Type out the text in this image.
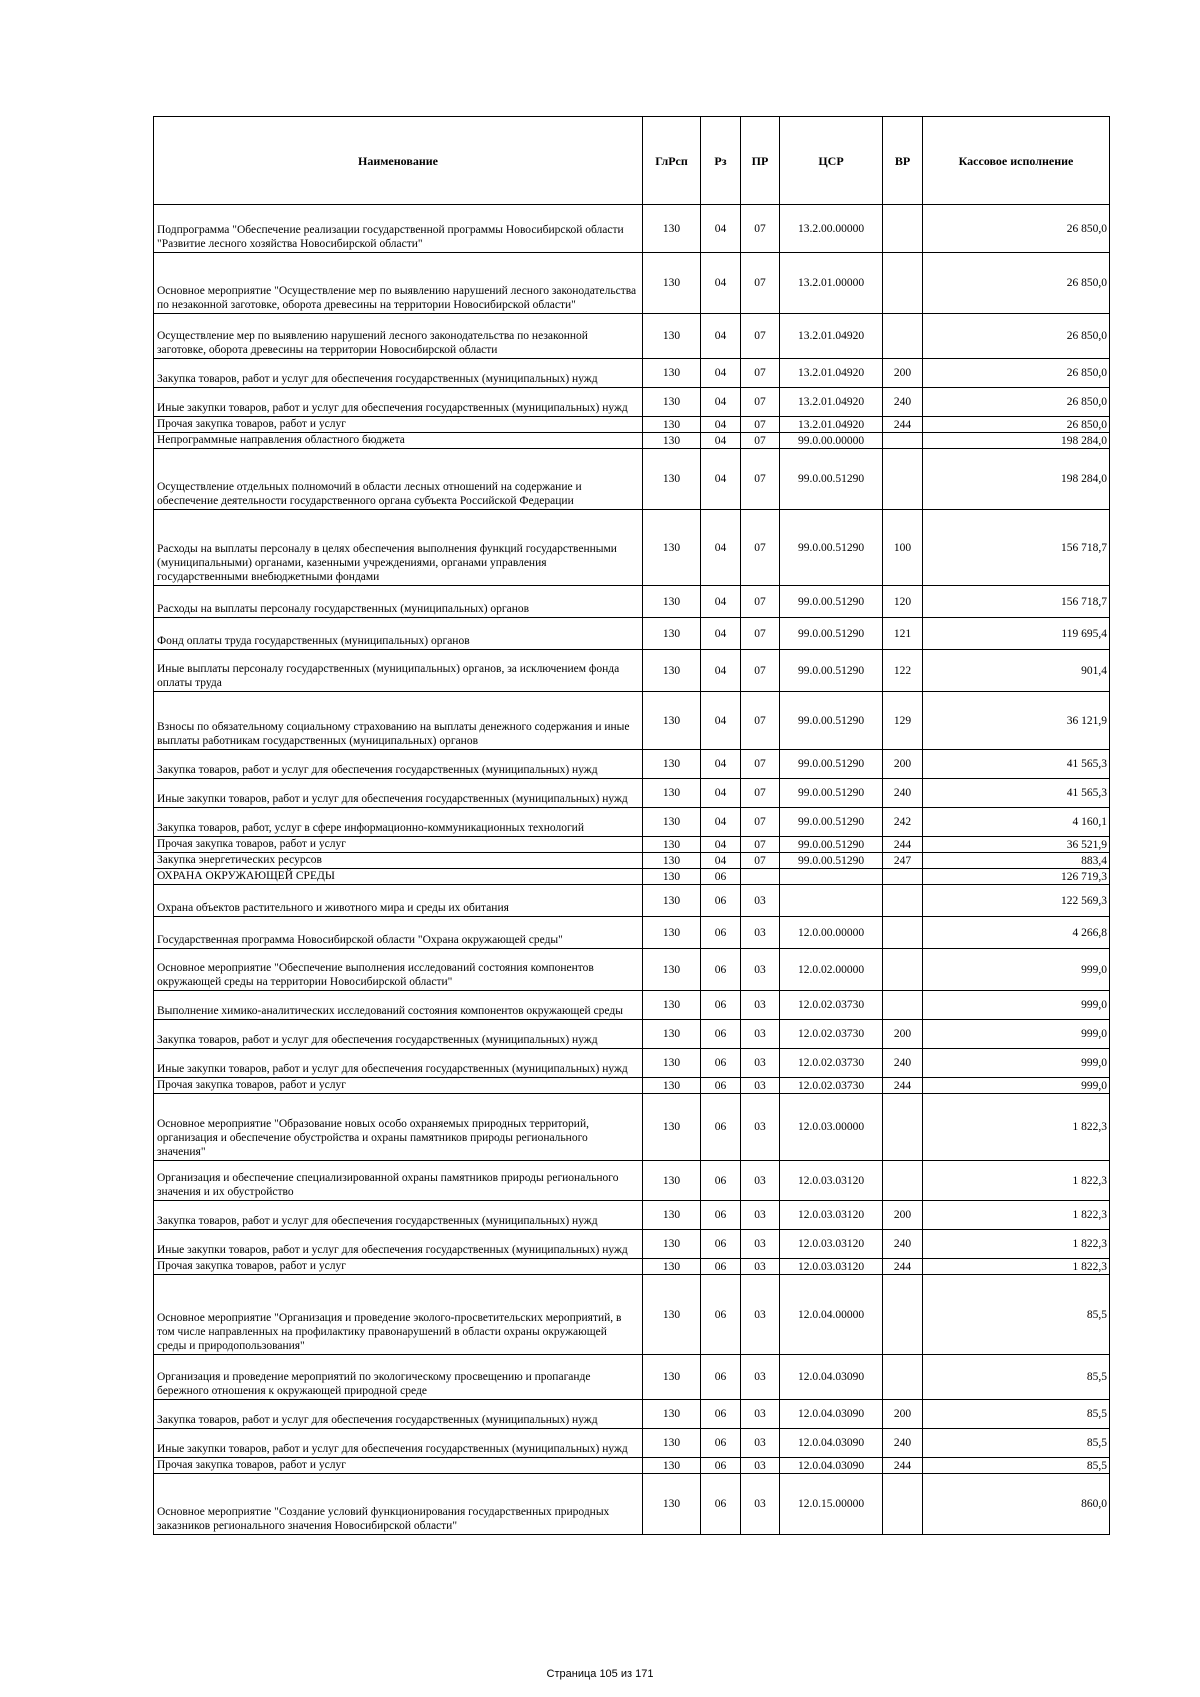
Наименование	ГлРсп	Рз	ПР	ЦСР	ВР	Кассовое исполнение
Подпрограмма "Обеспечение реализации государственной программы Новосибирской области "Развитие лесного хозяйства Новосибирской области"	130	04	07	13.2.00.00000		26 850,0
Основное мероприятие "Осуществление мер по выявлению нарушений лесного законодательства по незаконной заготовке, оборота древесины на территории Новосибирской области"	130	04	07	13.2.01.00000		26 850,0
Осуществление мер по выявлению нарушений лесного законодательства по незаконной заготовке, оборота древесины на территории Новосибирской области	130	04	07	13.2.01.04920		26 850,0
Закупка товаров, работ и услуг для обеспечения государственных (муниципальных) нужд	130	04	07	13.2.01.04920	200	26 850,0
Иные закупки товаров, работ и услуг для обеспечения государственных (муниципальных) нужд	130	04	07	13.2.01.04920	240	26 850,0
Прочая закупка товаров, работ и услуг	130	04	07	13.2.01.04920	244	26 850,0
Непрограммные направления областного бюджета	130	04	07	99.0.00.00000		198 284,0
Осуществление отдельных полномочий в области лесных отношений на содержание и обеспечение деятельности государственного органа субъекта Российской Федерации	130	04	07	99.0.00.51290		198 284,0
Расходы на выплаты персоналу в целях обеспечения выполнения функций государственными (муниципальными) органами, казенными учреждениями, органами управления государственными внебюджетными фондами	130	04	07	99.0.00.51290	100	156 718,7
Расходы на выплаты персоналу государственных (муниципальных) органов	130	04	07	99.0.00.51290	120	156 718,7
Фонд оплаты труда государственных (муниципальных) органов	130	04	07	99.0.00.51290	121	119 695,4
Иные выплаты персоналу государственных (муниципальных) органов, за исключением фонда оплаты труда	130	04	07	99.0.00.51290	122	901,4
Взносы по обязательному социальному страхованию на выплаты денежного содержания и иные выплаты работникам государственных (муниципальных) органов	130	04	07	99.0.00.51290	129	36 121,9
Закупка товаров, работ и услуг для обеспечения государственных (муниципальных) нужд	130	04	07	99.0.00.51290	200	41 565,3
Иные закупки товаров, работ и услуг для обеспечения государственных (муниципальных) нужд	130	04	07	99.0.00.51290	240	41 565,3
Закупка товаров, работ, услуг в сфере информационно-коммуникационных технологий	130	04	07	99.0.00.51290	242	4 160,1
Прочая закупка товаров, работ и услуг	130	04	07	99.0.00.51290	244	36 521,9
Закупка энергетических ресурсов	130	04	07	99.0.00.51290	247	883,4
ОХРАНА ОКРУЖАЮЩЕЙ СРЕДЫ	130	06				126 719,3
Охрана объектов растительного и животного мира и среды их обитания	130	06	03			122 569,3
Государственная программа Новосибирской области "Охрана окружающей среды"	130	06	03	12.0.00.00000		4 266,8
Основное мероприятие "Обеспечение выполнения исследований состояния компонентов окружающей среды на территории Новосибирской области"	130	06	03	12.0.02.00000		999,0
Выполнение химико-аналитических исследований состояния компонентов окружающей среды	130	06	03	12.0.02.03730		999,0
Закупка товаров, работ и услуг для обеспечения государственных (муниципальных) нужд	130	06	03	12.0.02.03730	200	999,0
Иные закупки товаров, работ и услуг для обеспечения государственных (муниципальных) нужд	130	06	03	12.0.02.03730	240	999,0
Прочая закупка товаров, работ и услуг	130	06	03	12.0.02.03730	244	999,0
Основное мероприятие "Образование новых особо охраняемых природных территорий, организация и обеспечение обустройства и охраны памятников природы регионального значения"	130	06	03	12.0.03.00000		1 822,3
Организация и обеспечение специализированной охраны памятников природы регионального значения и их обустройство	130	06	03	12.0.03.03120		1 822,3
Закупка товаров, работ и услуг для обеспечения государственных (муниципальных) нужд	130	06	03	12.0.03.03120	200	1 822,3
Иные закупки товаров, работ и услуг для обеспечения государственных (муниципальных) нужд	130	06	03	12.0.03.03120	240	1 822,3
Прочая закупка товаров, работ и услуг	130	06	03	12.0.03.03120	244	1 822,3
Основное мероприятие "Организация и проведение эколого-просветительских мероприятий, в том числе направленных на профилактику правонарушений в области охраны окружающей среды и природопользования"	130	06	03	12.0.04.00000		85,5
Организация и проведение мероприятий по экологическому просвещению и пропаганде бережного отношения к окружающей природной среде	130	06	03	12.0.04.03090		85,5
Закупка товаров, работ и услуг для обеспечения государственных (муниципальных) нужд	130	06	03	12.0.04.03090	200	85,5
Иные закупки товаров, работ и услуг для обеспечения государственных (муниципальных) нужд	130	06	03	12.0.04.03090	240	85,5
Прочая закупка товаров, работ и услуг	130	06	03	12.0.04.03090	244	85,5
Основное мероприятие "Создание условий функционирования государственных природных заказников регионального значения Новосибирской области"	130	06	03	12.0.15.00000		860,0
Страница 105 из 171
